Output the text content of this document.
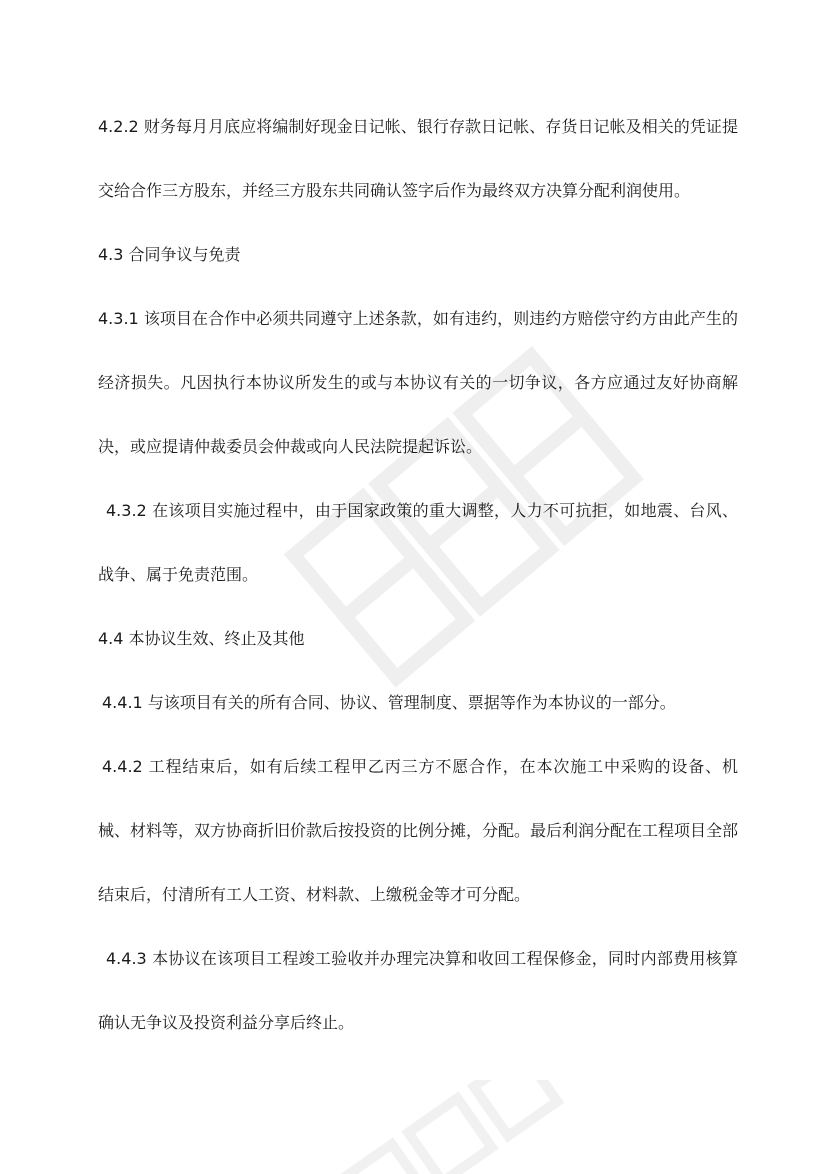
4.2.2 财务每月月底应将编制好现金日记帐、银行存款日记帐、存货日记帐及相关的凭证提交给合作三方股东，并经三方股东共同确认签字后作为最终双方决算分配利润使用。

4.3 合同争议与免责

4.3.1 该项目在合作中必须共同遵守上述条款，如有违约，则违约方赔偿守约方由此产生的经济损失。凡因执行本协议所发生的或与本协议有关的一切争议，各方应通过友好协商解决，或应提请仲裁委员会仲裁或向人民法院提起诉讼。

4.3.2 在该项目实施过程中，由于国家政策的重大调整，人力不可抗拒，如地震、台风、战争、属于免责范围。

4.4 本协议生效、终止及其他

4.4.1 与该项目有关的所有合同、协议、管理制度、票据等作为本协议的一部分。

4.4.2 工程结束后，如有后续工程甲乙丙三方不愿合作，在本次施工中采购的设备、机械、材料等，双方协商折旧价款后按投资的比例分摊，分配。最后利润分配在工程项目全部结束后，付清所有工人工资、材料款、上缴税金等才可分配。

4.4.3 本协议在该项目工程竣工验收并办理完决算和收回工程保修金，同时内部费用核算确认无争议及投资利益分享后终止。
